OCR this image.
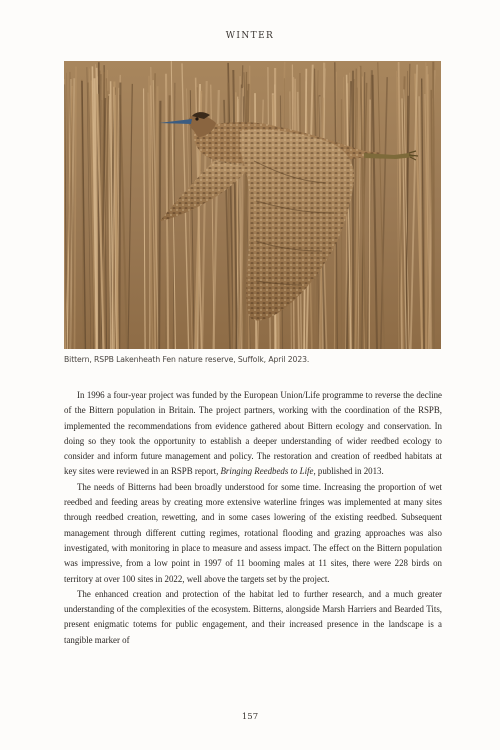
WINTER
Bittern, RSPB Lakenheath Fen nature reserve, Suffolk, April 2023.

In 1996 a four-year project was funded by the European Union/Life programme to reverse the decline of the Bittern population in Britain. The project partners, working with the coordination of the RSPB, implemented the recommendations from evidence gathered about Bittern ecology and conservation. In doing so they took the opportunity to establish a deeper understanding of wider reedbed ecology to consider and inform future management and policy. The restoration and creation of reedbed habitats at key sites were reviewed in an RSPB report, Bringing Reedbeds to Life, published in 2013.

The needs of Bitterns had been broadly understood for some time. Increasing the proportion of wet reedbed and feeding areas by creating more extensive waterline fringes was implemented at many sites through reedbed creation, rewetting, and in some cases lowering of the existing reedbed. Subsequent management through different cutting regimes, rotational flooding and grazing approaches was also investigated, with monitoring in place to measure and assess impact. The effect on the Bittern population was impressive, from a low point in 1997 of 11 booming males at 11 sites, there were 228 birds on territory at over 100 sites in 2022, well above the targets set by the project.

The enhanced creation and protection of the habitat led to further research, and a much greater understanding of the complexities of the ecosystem. Bitterns, alongside Marsh Harriers and Bearded Tits, present enigmatic totems for public engagement, and their increased presence in the landscape is a tangible marker of

157
